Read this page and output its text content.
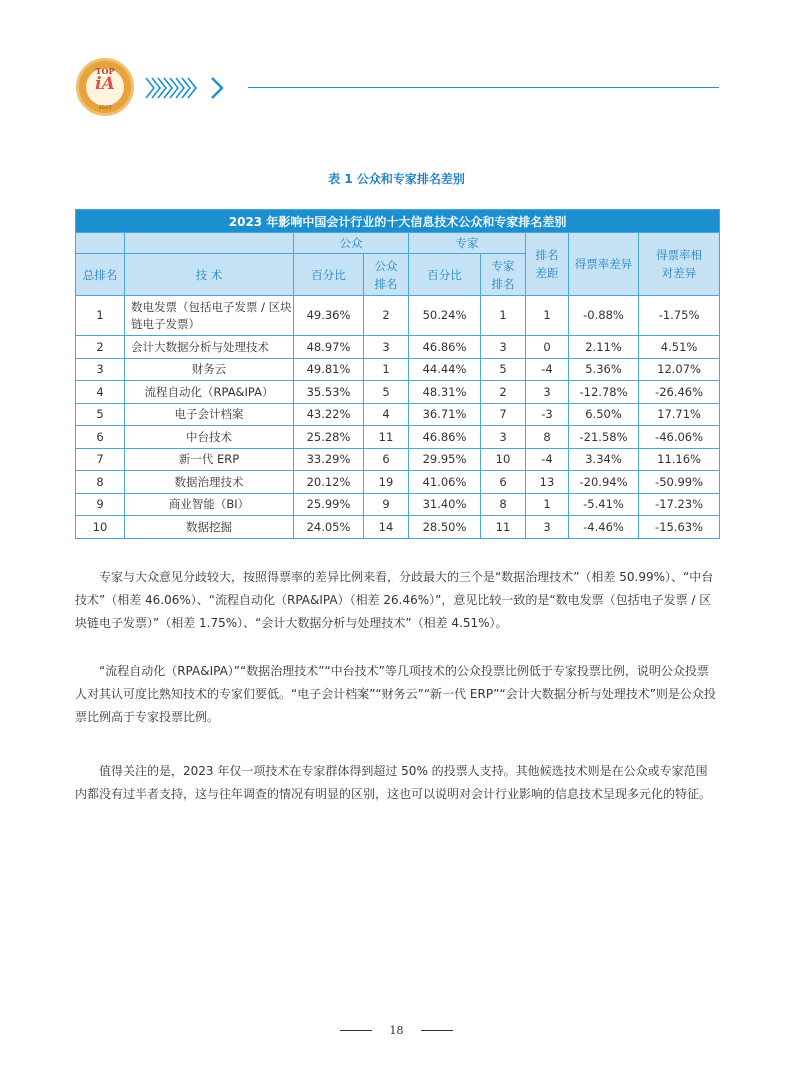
TOP
iA
2023
表 1 公众和专家排名差别
2023 年影响中国会计行业的十大信息技术公众和专家排名差别								
		公众		专家		排名差距	得票率差异	得票率相对差异
总排名	技 术	百分比	公众排名	百分比	专家排名			
1	数电发票（包括电子发票 / 区块链电子发票）	49.36%	2	50.24%	1	1	-0.88%	-1.75%
2	会计大数据分析与处理技术	48.97%	3	46.86%	3	0	2.11%	4.51%
3	财务云	49.81%	1	44.44%	5	-4	5.36%	12.07%
4	流程自动化（RPA&IPA）	35.53%	5	48.31%	2	3	-12.78%	-26.46%
5	电子会计档案	43.22%	4	36.71%	7	-3	6.50%	17.71%
6	中台技术	25.28%	11	46.86%	3	8	-21.58%	-46.06%
7	新一代 ERP	33.29%	6	29.95%	10	-4	3.34%	11.16%
8	数据治理技术	20.12%	19	41.06%	6	13	-20.94%	-50.99%
9	商业智能（BI）	25.99%	9	31.40%	8	1	-5.41%	-17.23%
10	数据挖掘	24.05%	14	28.50%	11	3	-4.46%	-15.63%

专家与大众意见分歧较大，按照得票率的差异比例来看，分歧最大的三个是“数据治理技术”（相差 50.99%）、“中台技术”（相差 46.06%）、“流程自动化（RPA&IPA）（相差 26.46%）”，意见比较一致的是“数电发票（包括电子发票 / 区块链电子发票）”（相差 1.75%）、“会计大数据分析与处理技术”（相差 4.51%）。

“流程自动化（RPA&IPA）”“数据治理技术”“中台技术”等几项技术的公众投票比例低于专家投票比例，说明公众投票人对其认可度比熟知技术的专家们要低。“电子会计档案”“财务云”“新一代 ERP”“会计大数据分析与处理技术”则是公众投票比例高于专家投票比例。

值得关注的是，2023 年仅一项技术在专家群体得到超过 50% 的投票人支持。其他候选技术则是在公众或专家范围内都没有过半者支持，这与往年调查的情况有明显的区别，这也可以说明对会计行业影响的信息技术呈现多元化的特征。

18
